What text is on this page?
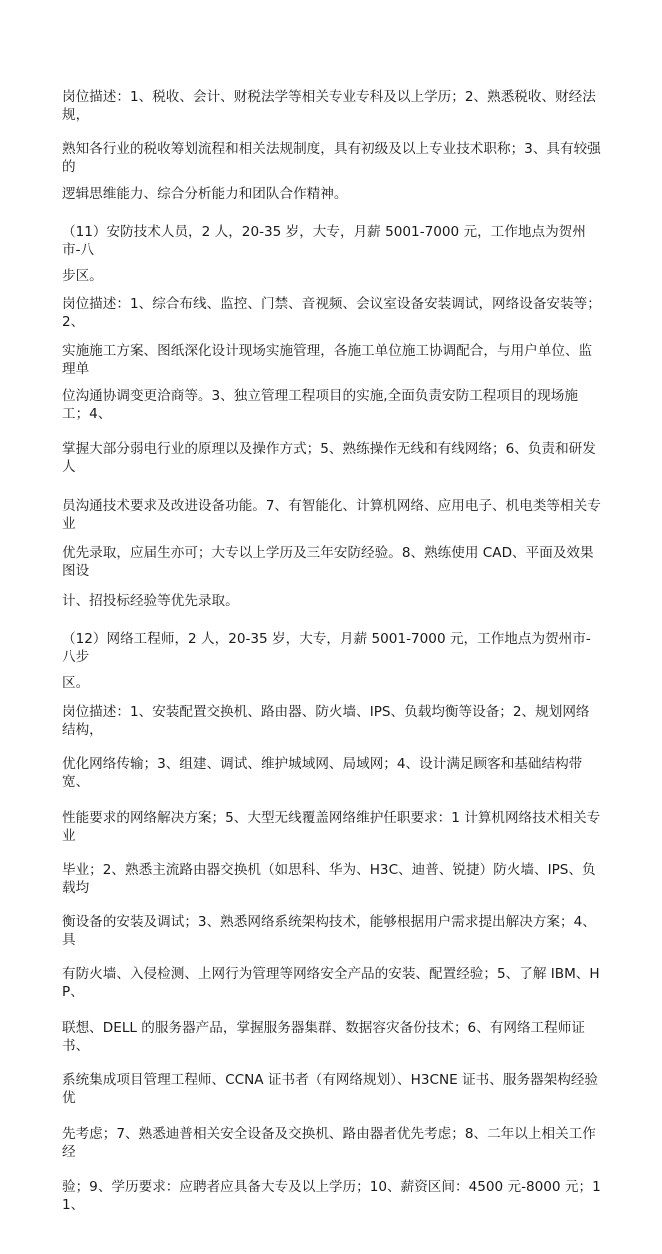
岗位描述：1、税收、会计、财税法学等相关专业专科及以上学历；2、熟悉税收、财经法规，
熟知各行业的税收筹划流程和相关法规制度，具有初级及以上专业技术职称；3、具有较强的
逻辑思维能力、综合分析能力和团队合作精神。
（11）安防技术人员，2 人，20-35 岁，大专，月薪 5001-7000 元，工作地点为贺州市-八
步区。
岗位描述：1、综合布线、监控、门禁、音视频、会议室设备安装调试，网络设备安装等；2、
实施施工方案、图纸深化设计现场实施管理，各施工单位施工协调配合，与用户单位、监理单
位沟通协调变更洽商等。3、独立管理工程项目的实施,全面负责安防工程项目的现场施工；4、
掌握大部分弱电行业的原理以及操作方式；5、熟练操作无线和有线网络；6、负责和研发人
员沟通技术要求及改进设备功能。7、有智能化、计算机网络、应用电子、机电类等相关专业
优先录取，应届生亦可；大专以上学历及三年安防经验。8、熟练使用 CAD、平面及效果图设
计、招投标经验等优先录取。
（12）网络工程师，2 人，20-35 岁，大专，月薪 5001-7000 元，工作地点为贺州市-八步
区。
岗位描述：1、安装配置交换机、路由器、防火墙、IPS、负载均衡等设备；2、规划网络结构，
优化网络传输；3、组建、调试、维护城域网、局域网；4、设计满足顾客和基础结构带宽、
性能要求的网络解决方案；5、大型无线覆盖网络维护任职要求：1 计算机网络技术相关专业
毕业；2、熟悉主流路由器交换机（如思科、华为、H3C、迪普、锐捷）防火墙、IPS、负载均
衡设备的安装及调试；3、熟悉网络系统架构技术，能够根据用户需求提出解决方案；4、具
有防火墙、入侵检测、上网行为管理等网络安全产品的安装、配置经验；5、了解 IBM、HP、
联想、DELL 的服务器产品，掌握服务器集群、数据容灾备份技术；6、有网络工程师证书、
系统集成项目管理工程师、CCNA 证书者（有网络规划）、H3CNE 证书、服务器架构经验优
先考虑；7、熟悉迪普相关安全设备及交换机、路由器者优先考虑；8、二年以上相关工作经
验；9、学历要求：应聘者应具备大专及以上学历；10、薪资区间：4500 元-8000 元；11、
